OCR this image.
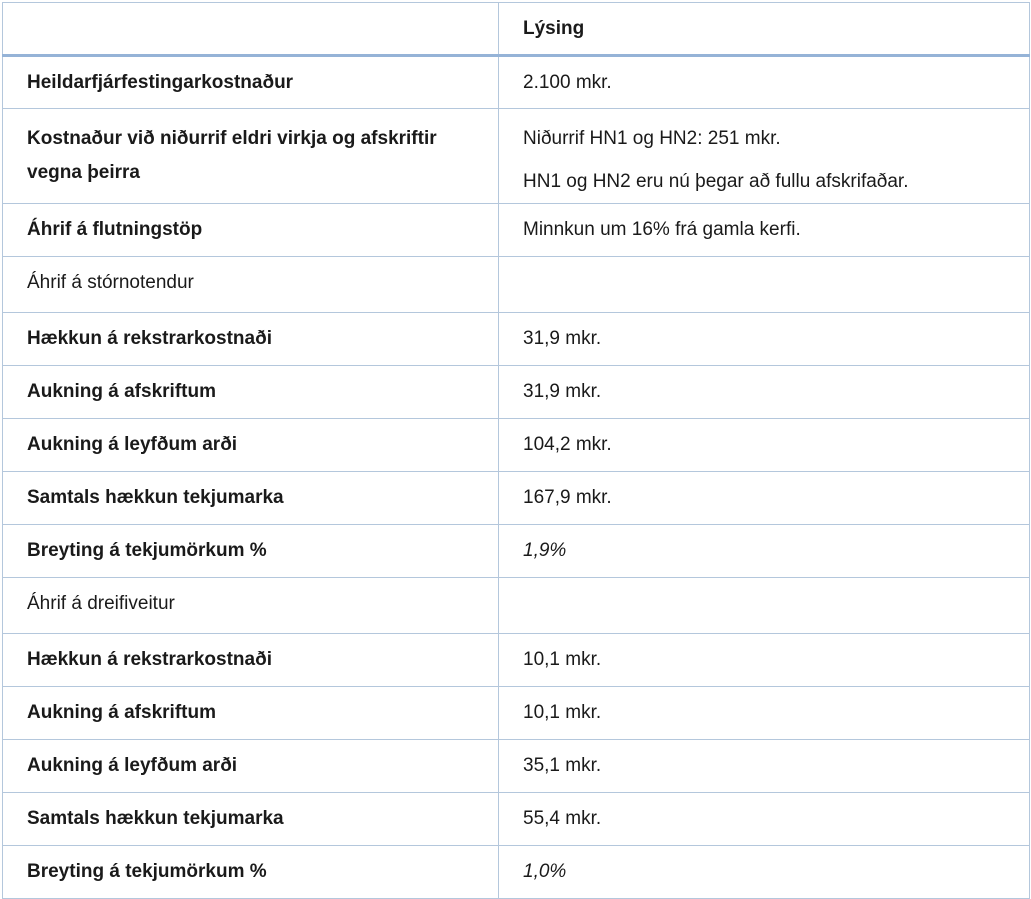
	Lýsing
Heildarfjárfestingarkostnaður	2.100 mkr.

Kostnaður við niðurrif eldri virkja og afskriftir
vegna þeirra	Niðurrif HN1 og HN2: 251 mkr.
HN1 og HN2 eru nú þegar að fullu afskrifaðar.

Áhrif á flutningstöp	Minnkun um 16% frá gamla kerfi.
Áhrif á stórnotendur	
Hækkun á rekstrarkostnaði	31,9 mkr.
Aukning á afskriftum	31,9 mkr.
Aukning á leyfðum arði	104,2 mkr.
Samtals hækkun tekjumarka	167,9 mkr.
Breyting á tekjumörkum %	1,9%
Áhrif á dreifiveitur	
Hækkun á rekstrarkostnaði	10,1 mkr.
Aukning á afskriftum	10,1 mkr.
Aukning á leyfðum arði	35,1 mkr.
Samtals hækkun tekjumarka	55,4 mkr.
Breyting á tekjumörkum %	1,0%
